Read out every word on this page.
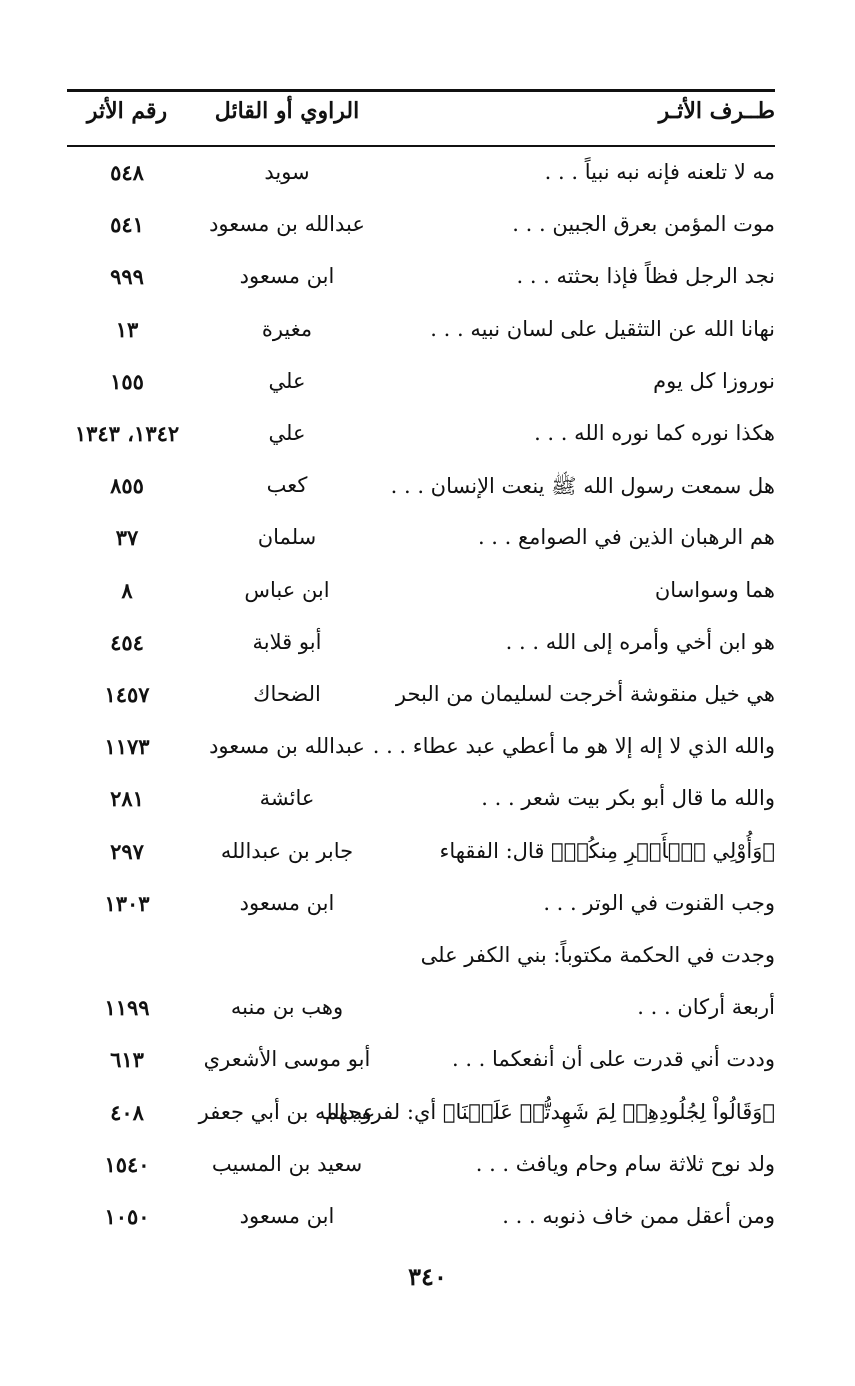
طــرف الأثـر
الراوي أو القائل
رقم الأثر
مه لا تلعنه فإنه نبه نبياً . . .
سويد
٥٤٨
موت المؤمن بعرق الجبين . . .
عبدالله بن مسعود
٥٤١
نجد الرجل فظاً فإذا بحثته . . .
ابن مسعود
٩٩٩
نهانا الله عن التثقيل على لسان نبيه . . .
مغيرة
١٣
نوروزا كل يوم
علي
١٥٥
هكذا نوره كما نوره الله . . .
علي
١٣٤٢، ١٣٤٣
هل سمعت رسول الله ﷺ ينعت الإنسان . . .
كعب
٨٥٥
هم الرهبان الذين في الصوامع . . .
سلمان
٣٧
هما وسواسان
ابن عباس
٨
هو ابن أخي وأمره إلى الله . . .
أبو قلابة
٤٥٤
هي خيل منقوشة أخرجت لسليمان من البحر
الضحاك
١٤٥٧
والله الذي لا إله إلا هو ما أعطي عبد عطاء . . .
عبدالله بن مسعود
١١٧٣
والله ما قال أبو بكر بيت شعر . . .
عائشة
٢٨١
﴿وَأُوْلِي ٱلۡأَمۡرِ مِنكُمۡ﴾ قال: الفقهاء
جابر بن عبدالله
٢٩٧
وجب القنوت في الوتر . . .
ابن مسعود
١٣٠٣
وجدت في الحكمة مكتوباً: بني الكفر على
أربعة أركان . . .
وهب بن منبه
١١٩٩
وددت أني قدرت على أن أنفعكما . . .
أبو موسى الأشعري
٦١٣
﴿وَقَالُواْ لِجُلُودِهِمۡ لِمَ شَهِدتُّمۡ عَلَيۡنَا﴾ أي: لفروجهم
عبدالله بن أبي جعفر
٤٠٨
ولد نوح ثلاثة سام وحام ويافث . . .
سعيد بن المسيب
١٥٤٠
ومن أعقل ممن خاف ذنوبه . . .
ابن مسعود
١٠٥٠
٣٤٠
